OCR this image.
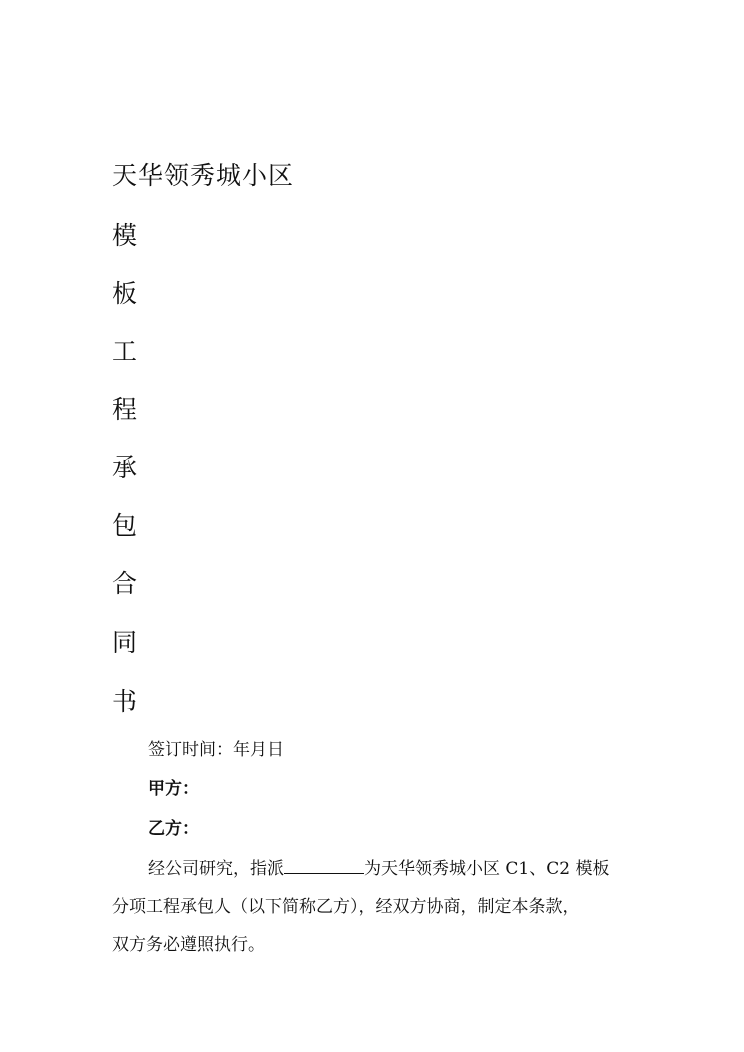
天华领秀城小区
模
板
工
程
承
包
合
同
书
签订时间：年月日
甲方：
乙方：
经公司研究，指派	为天华领秀城小区 C1、C2 模板
分项工程承包人（以下简称乙方），经双方协商，制定本条款，
双方务必遵照执行。
